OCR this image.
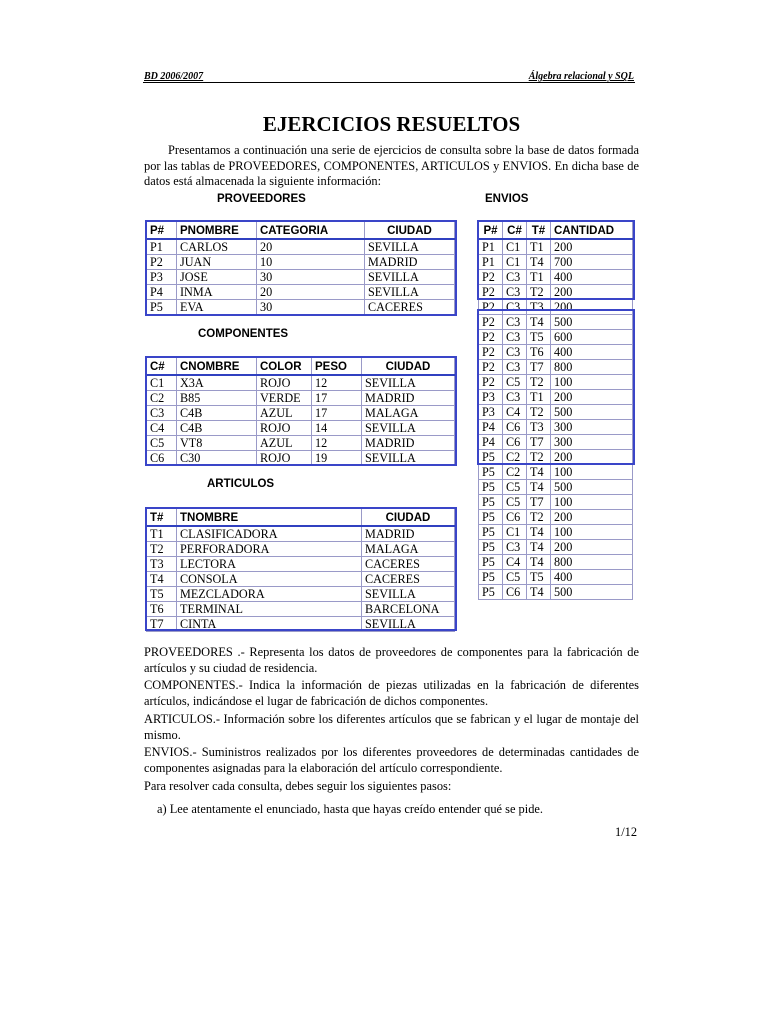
BD 2006/2007	Álgebra relacional y SQL
EJERCICIOS RESUELTOS
Presentamos a continuación una serie de ejercicios de consulta sobre la base de datos formada por las tablas de PROVEEDORES, COMPONENTES, ARTICULOS y ENVIOS. En dicha base de datos está almacenada la siguiente información:
PROVEEDORES	ENVIOS
COMPONENTES
ARTICULOS
P#	PNOMBRE	CATEGORIA	CIUDAD
P1	CARLOS	20	SEVILLA
P2	JUAN	10	MADRID
P3	JOSE	30	SEVILLA
P4	INMA	20	SEVILLA
P5	EVA	30	CACERES
C#	CNOMBRE	COLOR	PESO	CIUDAD
C1	X3A	ROJO	12	SEVILLA
C2	B85	VERDE	17	MADRID
C3	C4B	AZUL	17	MALAGA
C4	C4B	ROJO	14	SEVILLA
C5	VT8	AZUL	12	MADRID
C6	C30	ROJO	19	SEVILLA
T#	TNOMBRE	CIUDAD
T1	CLASIFICADORA	MADRID
T2	PERFORADORA	MALAGA
T3	LECTORA	CACERES
T4	CONSOLA	CACERES
T5	MEZCLADORA	SEVILLA
T6	TERMINAL	BARCELONA
T7	CINTA	SEVILLA
P#	C#	T#	CANTIDAD
P1	C1	T1	200
P1	C1	T4	700
P2	C3	T1	400
P2	C3	T2	200
P2	C3	T3	200
P2	C3	T4	500
P2	C3	T5	600
P2	C3	T6	400
P2	C3	T7	800
P2	C5	T2	100
P3	C3	T1	200
P3	C4	T2	500
P4	C6	T3	300
P4	C6	T7	300
P5	C2	T2	200
P5	C2	T4	100
P5	C5	T4	500
P5	C5	T7	100
P5	C6	T2	200
P5	C1	T4	100
P5	C3	T4	200
P5	C4	T4	800
P5	C5	T5	400
P5	C6	T4	500
PROVEEDORES .- Representa los datos de proveedores de componentes para la fabricación de artículos y su ciudad de residencia.
COMPONENTES.- Indica la información de piezas utilizadas en la fabricación de diferentes artículos, indicándose el lugar de fabricación de dichos componentes.
ARTICULOS.- Información sobre los diferentes artículos que se fabrican y el lugar de montaje del mismo.
ENVIOS.- Suministros realizados por los diferentes proveedores de determinadas cantidades de componentes asignadas para la elaboración del artículo correspondiente.
Para resolver cada consulta, debes seguir los siguientes pasos:
a) Lee atentamente el enunciado, hasta que hayas creído entender qué se pide.
1/12
